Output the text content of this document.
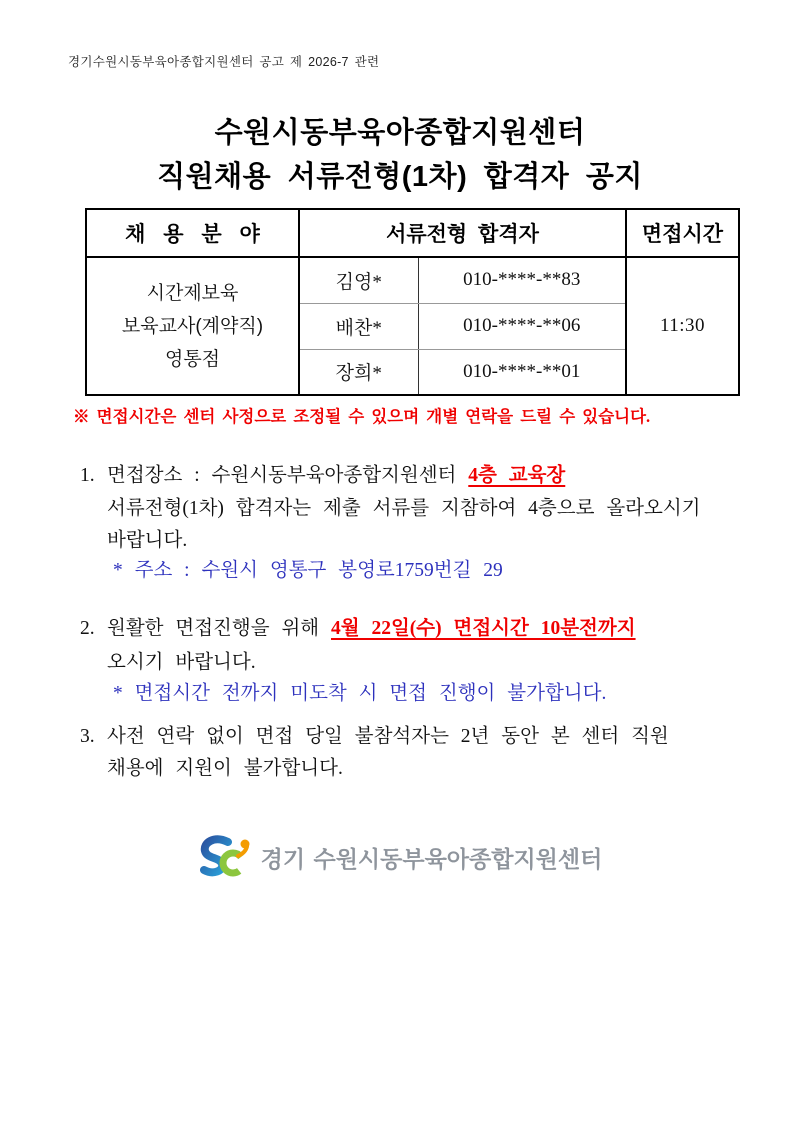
경기수원시동부육아종합지원센터 공고 제 2026-7 관련
수원시동부육아종합지원센터
직원채용 서류전형(1차) 합격자 공지
채 용 분 야	서류전형 합격자		면접시간

시간제보육
보육교사(계약직)
영통점	김영*	010-****-**83	11:30
	배찬*	010-****-**06	
	장희*	010-****-**01	
※ 면접시간은 센터 사정으로 조정될 수 있으며 개별 연락을 드릴 수 있습니다.
1. 면접장소 : 수원시동부육아종합지원센터 4층 교육장
서류전형(1차) 합격자는 제출 서류를 지참하여 4층으로 올라오시기
바랍니다.
* 주소 : 수원시 영통구 봉영로1759번길 29
2. 원활한 면접진행을 위해 4월 22일(수) 면접시간 10분전까지
오시기 바랍니다.
* 면접시간 전까지 미도착 시 면접 진행이 불가합니다.
3. 사전 연락 없이 면접 당일 불참석자는 2년 동안 본 센터 직원
채용에 지원이 불가합니다.
경기 수원시동부육아종합지원센터
